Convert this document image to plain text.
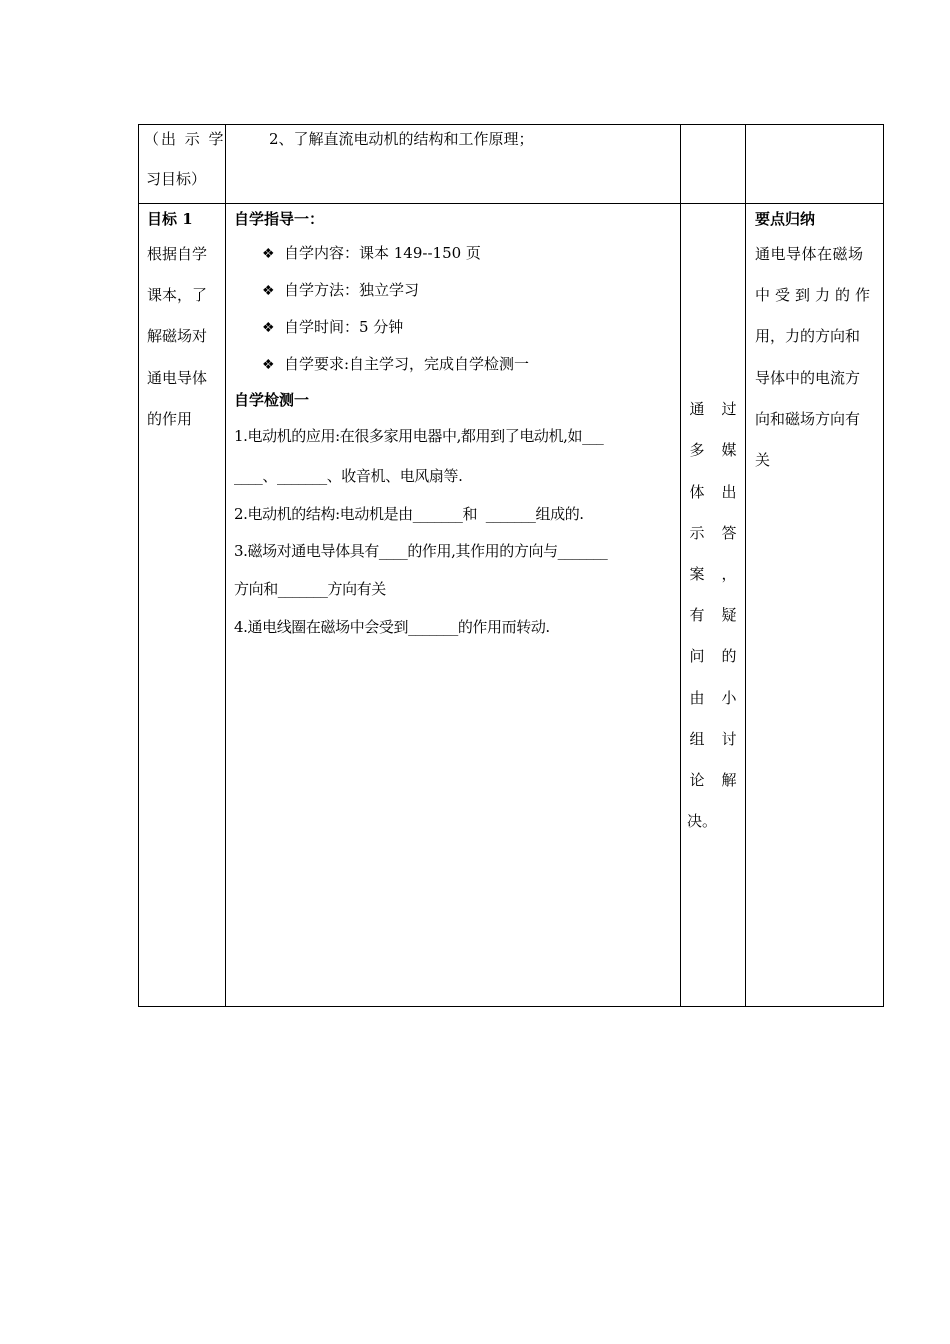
（出 示 学
习目标）
2、了解直流电动机的结构和工作原理；
目标 1
根据自学
课本，了
解磁场对
通电导体
的作用
自学指导一：
❖ 自学内容：课本 149--150 页
❖ 自学方法：独立学习
❖ 自学时间：5 分钟
❖ 自学要求:自主学习，完成自学检测一
自学检测一
1.电动机的应用:在很多家用电器中,都用到了电动机,如___
____、_______、收音机、电风扇等.
2.电动机的结构:电动机是由_______和  _______组成的.
3.磁场对通电导体具有____的作用,其作用的方向与_______
方向和_______方向有关
4.通电线圈在磁场中会受到_______的作用而转动.
通 过
多 媒
体 出
示 答
案 ，
有 疑
问 的
由 小
组 讨
论 解
决。
要点归纳
通电导体在磁场
中受到力的作
用，力的方向和
导体中的电流方
向和磁场方向有
关
